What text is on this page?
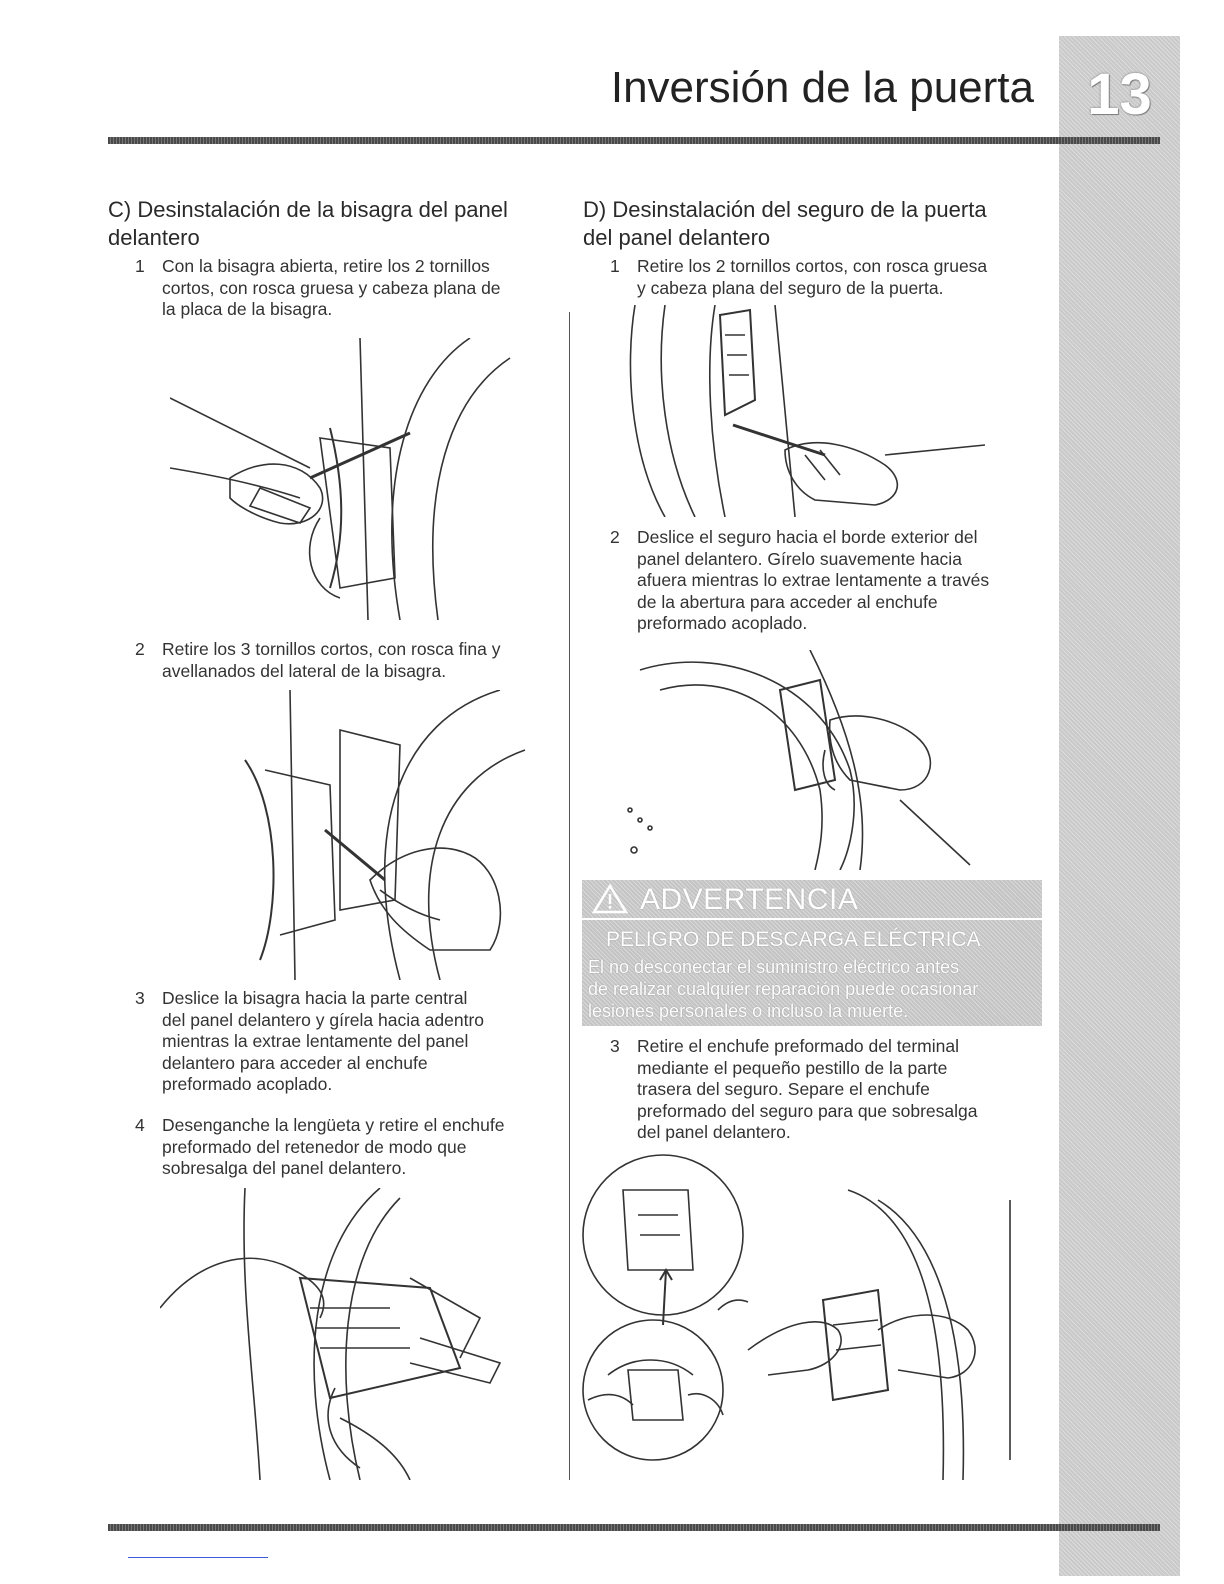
13
Inversión de la puerta
C) Desinstalación de la bisagra del panel
delantero
1 Con la bisagra abierta, retire los 2 tornillos
cortos, con rosca gruesa y cabeza plana de
la placa de la bisagra.
2 Retire los 3 tornillos cortos, con rosca fina y
avellanados del lateral de la bisagra.
3 Deslice la bisagra hacia la parte central
del panel delantero y gírela hacia adentro
mientras la extrae lentamente del panel
delantero para acceder al enchufe
preformado acoplado.
4 Desenganche la lengüeta y retire el enchufe
preformado del retenedor de modo que
sobresalga del panel delantero.
D) Desinstalación del seguro de la puerta
del panel delantero
1 Retire los 2 tornillos cortos, con rosca gruesa
y cabeza plana del seguro de la puerta.
2 Deslice el seguro hacia el borde exterior del
panel delantero. Gírelo suavemente hacia
afuera mientras lo extrae lentamente a través
de la abertura para acceder al enchufe
preformado acoplado.
ADVERTENCIA
PELIGRO DE DESCARGA ELÉCTRICA
El no desconectar el suministro eléctrico antes
de realizar cualquier reparación puede ocasionar
lesiones personales o incluso la muerte.
3 Retire el enchufe preformado del terminal
mediante el pequeño pestillo de la parte
trasera del seguro. Separe el enchufe
preformado del seguro para que sobresalga
del panel delantero.
